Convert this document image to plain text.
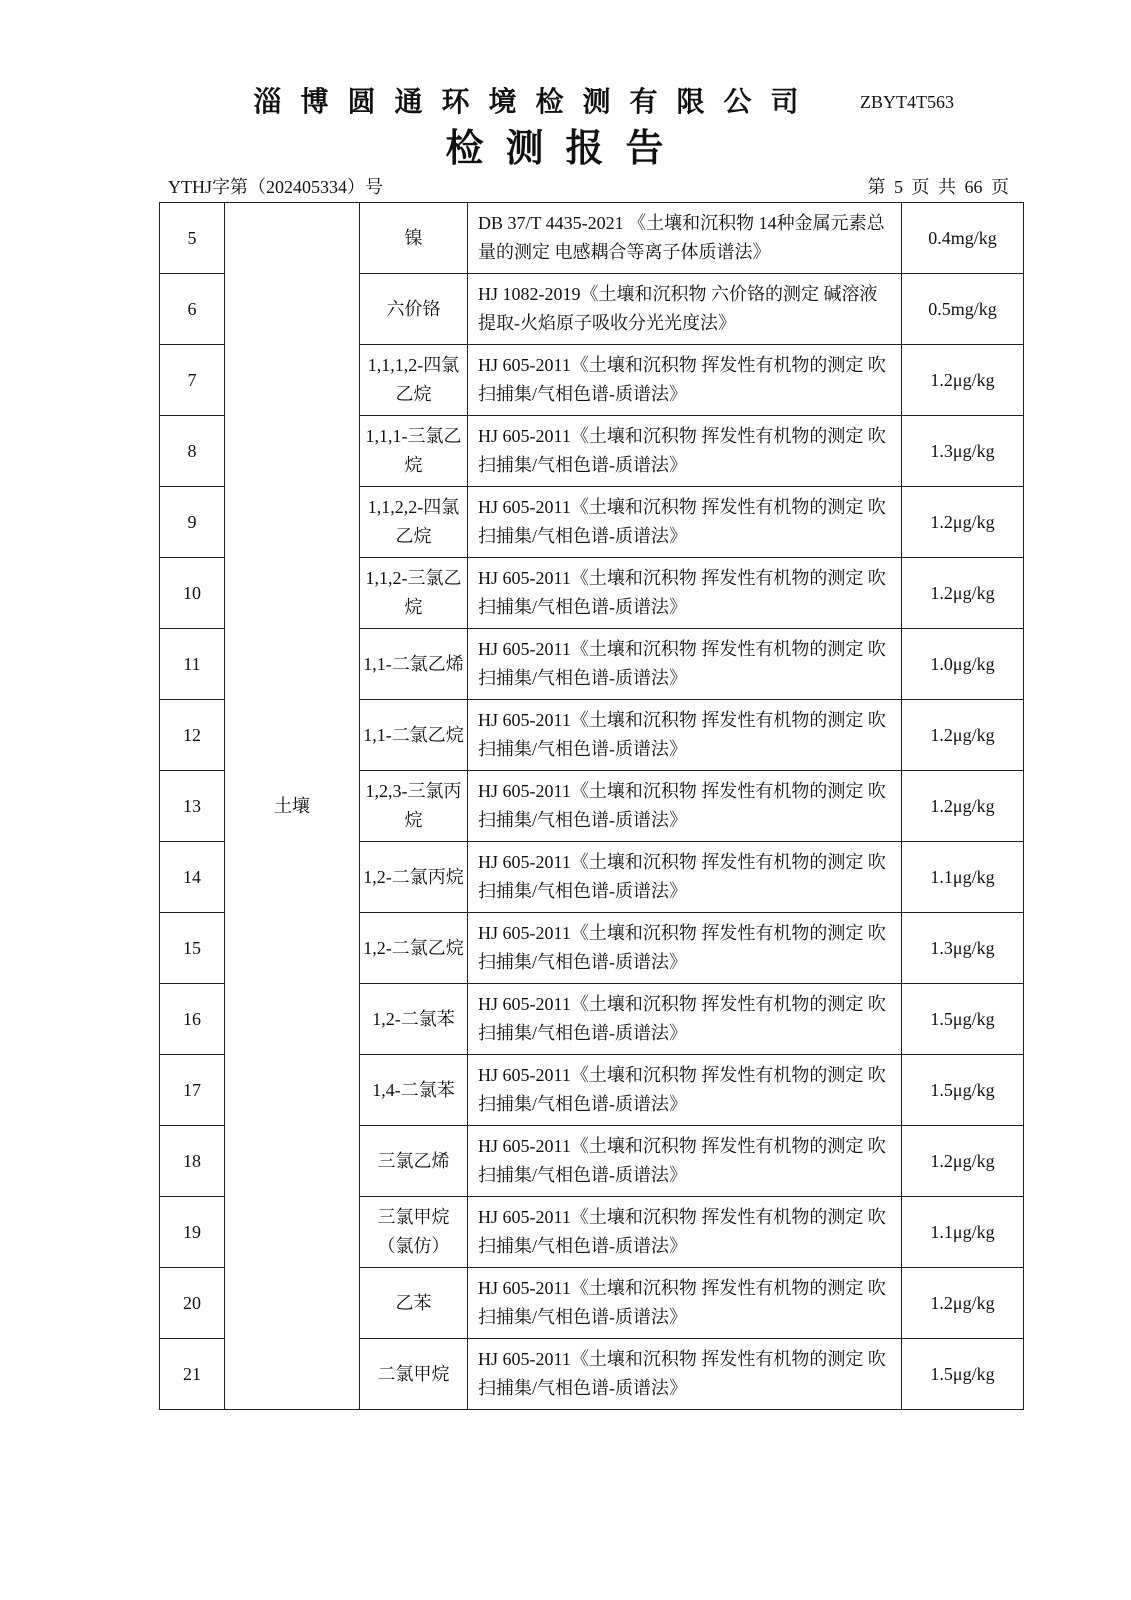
淄博圆通环境检测有限公司	ZBYT4T563
检测报告
YTHJ字第（202405334）号	第 5 页 共 66 页
5	土壤	镍	DB 37/T 4435-2021 《土壤和沉积物 14种金属元素总量的测定 电感耦合等离子体质谱法》	0.4mg/kg
6		六价铬	HJ 1082-2019《土壤和沉积物 六价铬的测定 碱溶液提取-火焰原子吸收分光光度法》	0.5mg/kg
7		1,1,1,2-四氯乙烷	HJ 605-2011《土壤和沉积物 挥发性有机物的测定 吹扫捕集/气相色谱-质谱法》	1.2μg/kg
8		1,1,1-三氯乙烷	HJ 605-2011《土壤和沉积物 挥发性有机物的测定 吹扫捕集/气相色谱-质谱法》	1.3μg/kg
9		1,1,2,2-四氯乙烷	HJ 605-2011《土壤和沉积物 挥发性有机物的测定 吹扫捕集/气相色谱-质谱法》	1.2μg/kg
10		1,1,2-三氯乙烷	HJ 605-2011《土壤和沉积物 挥发性有机物的测定 吹扫捕集/气相色谱-质谱法》	1.2μg/kg
11		1,1-二氯乙烯	HJ 605-2011《土壤和沉积物 挥发性有机物的测定 吹扫捕集/气相色谱-质谱法》	1.0μg/kg
12		1,1-二氯乙烷	HJ 605-2011《土壤和沉积物 挥发性有机物的测定 吹扫捕集/气相色谱-质谱法》	1.2μg/kg
13		1,2,3-三氯丙烷	HJ 605-2011《土壤和沉积物 挥发性有机物的测定 吹扫捕集/气相色谱-质谱法》	1.2μg/kg
14		1,2-二氯丙烷	HJ 605-2011《土壤和沉积物 挥发性有机物的测定 吹扫捕集/气相色谱-质谱法》	1.1μg/kg
15		1,2-二氯乙烷	HJ 605-2011《土壤和沉积物 挥发性有机物的测定 吹扫捕集/气相色谱-质谱法》	1.3μg/kg
16		1,2-二氯苯	HJ 605-2011《土壤和沉积物 挥发性有机物的测定 吹扫捕集/气相色谱-质谱法》	1.5μg/kg
17		1,4-二氯苯	HJ 605-2011《土壤和沉积物 挥发性有机物的测定 吹扫捕集/气相色谱-质谱法》	1.5μg/kg
18		三氯乙烯	HJ 605-2011《土壤和沉积物 挥发性有机物的测定 吹扫捕集/气相色谱-质谱法》	1.2μg/kg
19		三氯甲烷（氯仿）	HJ 605-2011《土壤和沉积物 挥发性有机物的测定 吹扫捕集/气相色谱-质谱法》	1.1μg/kg
20		乙苯	HJ 605-2011《土壤和沉积物 挥发性有机物的测定 吹扫捕集/气相色谱-质谱法》	1.2μg/kg
21		二氯甲烷	HJ 605-2011《土壤和沉积物 挥发性有机物的测定 吹扫捕集/气相色谱-质谱法》	1.5μg/kg
